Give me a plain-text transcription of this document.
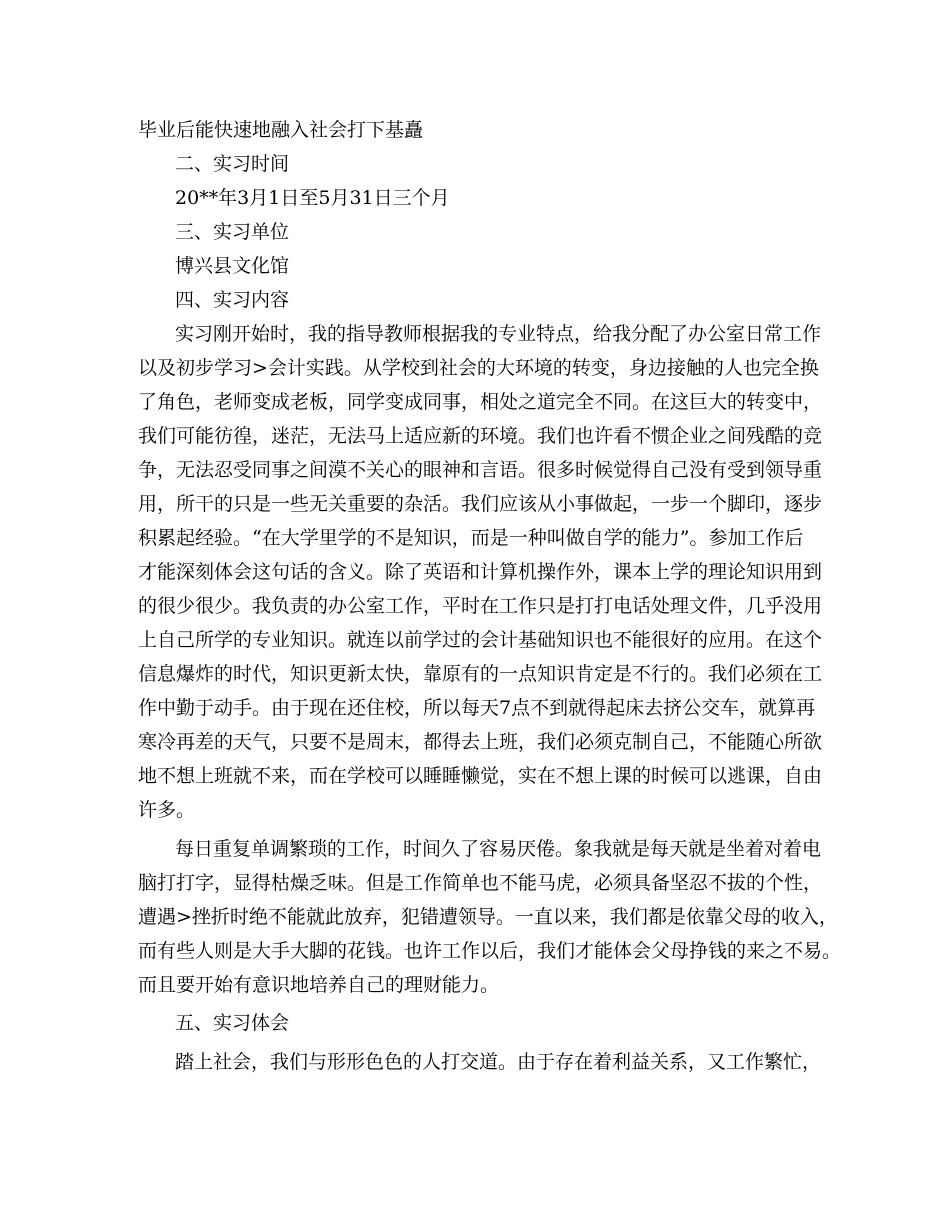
毕业后能快速地融入社会打下基矗
二、实习时间
20**年3月1日至5月31日三个月
三、实习单位
博兴县文化馆
四、实习内容
实习刚开始时，我的指导教师根据我的专业特点，给我分配了办公室日常工作
以及初步学习>会计实践。从学校到社会的大环境的转变，身边接触的人也完全换
了角色，老师变成老板，同学变成同事，相处之道完全不同。在这巨大的转变中，
我们可能彷徨，迷茫，无法马上适应新的环境。我们也许看不惯企业之间残酷的竞
争，无法忍受同事之间漠不关心的眼神和言语。很多时候觉得自己没有受到领导重
用，所干的只是一些无关重要的杂活。我们应该从小事做起，一步一个脚印，逐步
积累起经验。“在大学里学的不是知识，而是一种叫做自学的能力”。参加工作后
才能深刻体会这句话的含义。除了英语和计算机操作外，课本上学的理论知识用到
的很少很少。我负责的办公室工作，平时在工作只是打打电话处理文件，几乎没用
上自己所学的专业知识。就连以前学过的会计基础知识也不能很好的应用。在这个
信息爆炸的时代，知识更新太快，靠原有的一点知识肯定是不行的。我们必须在工
作中勤于动手。由于现在还住校，所以每天7点不到就得起床去挤公交车，就算再
寒冷再差的天气，只要不是周末，都得去上班，我们必须克制自己，不能随心所欲
地不想上班就不来，而在学校可以睡睡懒觉，实在不想上课的时候可以逃课，自由
许多。
每日重复单调繁琐的工作，时间久了容易厌倦。象我就是每天就是坐着对着电
脑打打字，显得枯燥乏味。但是工作简单也不能马虎，必须具备坚忍不拔的个性，
遭遇>挫折时绝不能就此放弃，犯错遭领导。一直以来，我们都是依靠父母的收入，
而有些人则是大手大脚的花钱。也许工作以后，我们才能体会父母挣钱的来之不易。
而且要开始有意识地培养自己的理财能力。
五、实习体会
踏上社会，我们与形形色色的人打交道。由于存在着利益关系，又工作繁忙，
